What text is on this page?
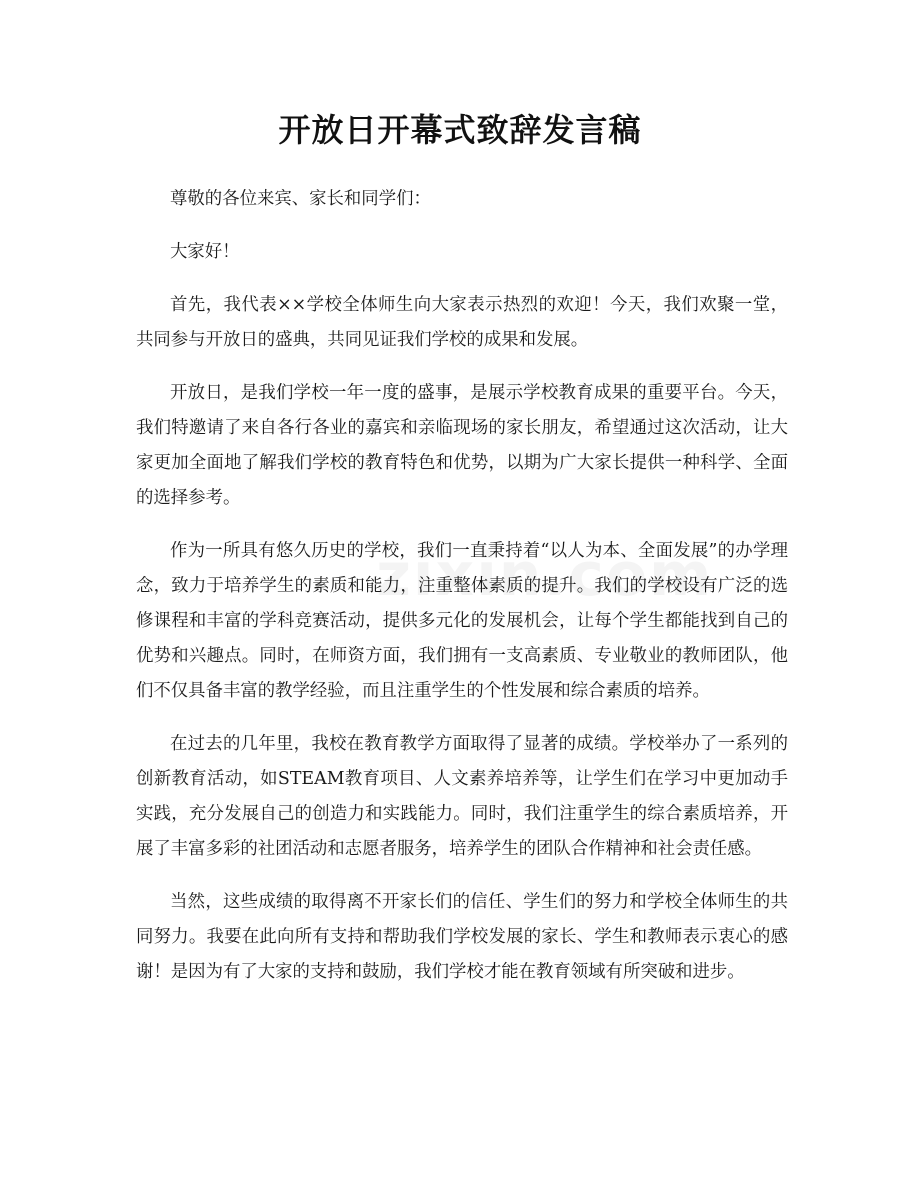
开放日开幕式致辞发言稿

尊敬的各位来宾、家长和同学们：

大家好！

首先，我代表××学校全体师生向大家表示热烈的欢迎！今天，我们欢聚一堂，共同参与开放日的盛典，共同见证我们学校的成果和发展。

开放日，是我们学校一年一度的盛事，是展示学校教育成果的重要平台。今天，我们特邀请了来自各行各业的嘉宾和亲临现场的家长朋友，希望通过这次活动，让大家更加全面地了解我们学校的教育特色和优势，以期为广大家长提供一种科学、全面的选择参考。

作为一所具有悠久历史的学校，我们一直秉持着“以人为本、全面发展”的办学理念，致力于培养学生的素质和能力，注重整体素质的提升。我们的学校设有广泛的选修课程和丰富的学科竞赛活动，提供多元化的发展机会，让每个学生都能找到自己的优势和兴趣点。同时，在师资方面，我们拥有一支高素质、专业敬业的教师团队，他们不仅具备丰富的教学经验，而且注重学生的个性发展和综合素质的培养。

在过去的几年里，我校在教育教学方面取得了显著的成绩。学校举办了一系列的创新教育活动，如STEAM教育项目、人文素养培养等，让学生们在学习中更加动手实践，充分发展自己的创造力和实践能力。同时，我们注重学生的综合素质培养，开展了丰富多彩的社团活动和志愿者服务，培养学生的团队合作精神和社会责任感。

当然，这些成绩的取得离不开家长们的信任、学生们的努力和学校全体师生的共同努力。我要在此向所有支持和帮助我们学校发展的家长、学生和教师表示衷心的感谢！是因为有了大家的支持和鼓励，我们学校才能在教育领域有所突破和进步。
